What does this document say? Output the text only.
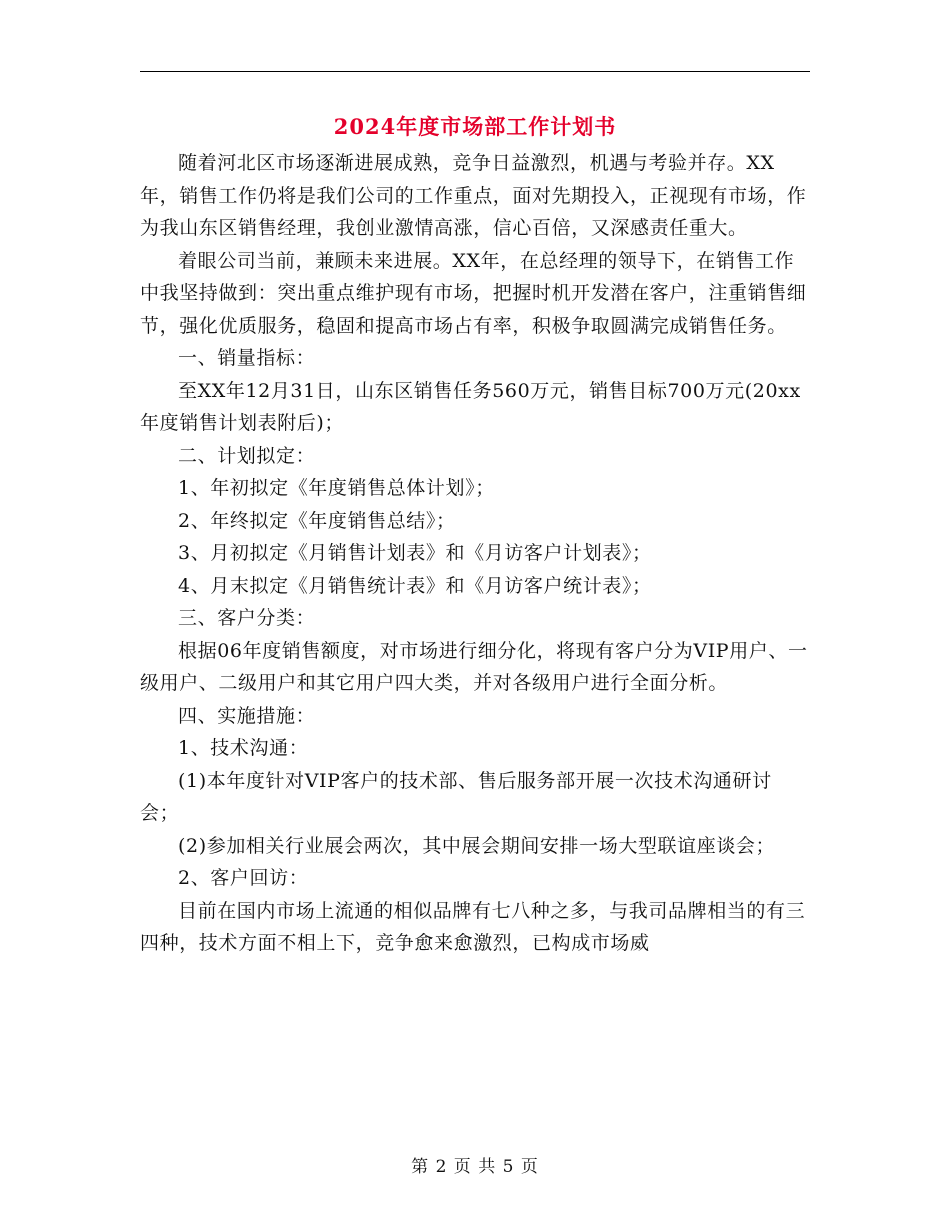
2024年度市场部工作计划书

随着河北区市场逐渐进展成熟，竞争日益激烈，机遇与考验并存。XX年，销售工作仍将是我们公司的工作重点，面对先期投入，正视现有市场，作为我山东区销售经理，我创业激情高涨，信心百倍，又深感责任重大。

着眼公司当前，兼顾未来进展。XX年，在总经理的领导下，在销售工作中我坚持做到：突出重点维护现有市场，把握时机开发潜在客户，注重销售细节，强化优质服务，稳固和提高市场占有率，积极争取圆满完成销售任务。

一、销量指标：

至XX年12月31日，山东区销售任务560万元，销售目标700万元(20xx年度销售计划表附后)；

二、计划拟定：

1、年初拟定《年度销售总体计划》；

2、年终拟定《年度销售总结》；

3、月初拟定《月销售计划表》和《月访客户计划表》；

4、月末拟定《月销售统计表》和《月访客户统计表》；

三、客户分类：

根据06年度销售额度，对市场进行细分化，将现有客户分为VIP用户、一级用户、二级用户和其它用户四大类，并对各级用户进行全面分析。

四、实施措施：

1、技术沟通：

(1)本年度针对VIP客户的技术部、售后服务部开展一次技术沟通研讨会；

(2)参加相关行业展会两次，其中展会期间安排一场大型联谊座谈会；

2、客户回访：

目前在国内市场上流通的相似品牌有七八种之多，与我司品牌相当的有三四种，技术方面不相上下，竞争愈来愈激烈，已构成市场威

第 2 页 共 5 页
